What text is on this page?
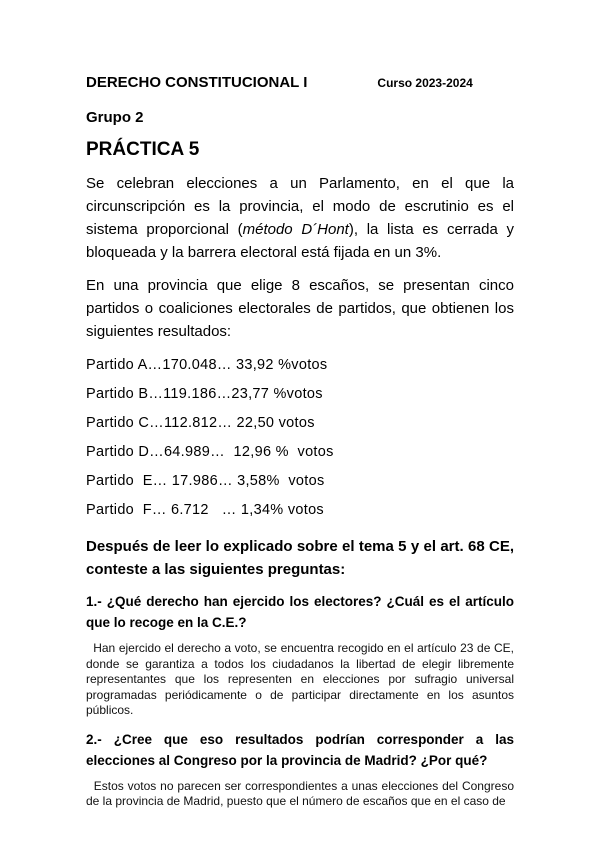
DERECHO CONSTITUCIONAL I	Curso 2023-2024
Grupo 2
PRÁCTICA 5

Se celebran elecciones a un Parlamento, en el que la circunscripción es la provincia, el modo de escrutinio es el sistema proporcional (método D´Hont), la lista es cerrada y bloqueada y la barrera electoral está fijada en un 3%.

En una provincia que elige 8 escaños, se presentan cinco partidos o coaliciones electorales de partidos, que obtienen los siguientes resultados:

Partido A…170.048… 33,92 %votos
Partido B…119.186…23,77 %votos
Partido C…112.812… 22,50 votos
Partido D…64.989…  12,96 %  votos
Partido  E… 17.986… 3,58%  votos
Partido  F… 6.712   … 1,34% votos
Después de leer lo explicado sobre el tema 5 y el art. 68 CE, conteste a las siguientes preguntas:
1.- ¿Qué derecho han ejercido los electores? ¿Cuál es el artículo que lo recoge en la C.E.?
Han ejercido el derecho a voto, se encuentra recogido en el artículo 23 de CE, donde se garantiza a todos los ciudadanos la libertad de elegir libremente representantes que los representen en elecciones por sufragio universal programadas periódicamente o de participar directamente en los asuntos públicos.
2.- ¿Cree que eso resultados podrían corresponder a las elecciones al Congreso por la provincia de Madrid? ¿Por qué?
Estos votos no parecen ser correspondientes a unas elecciones del Congreso de la provincia de Madrid, puesto que el número de escaños que en el caso de
